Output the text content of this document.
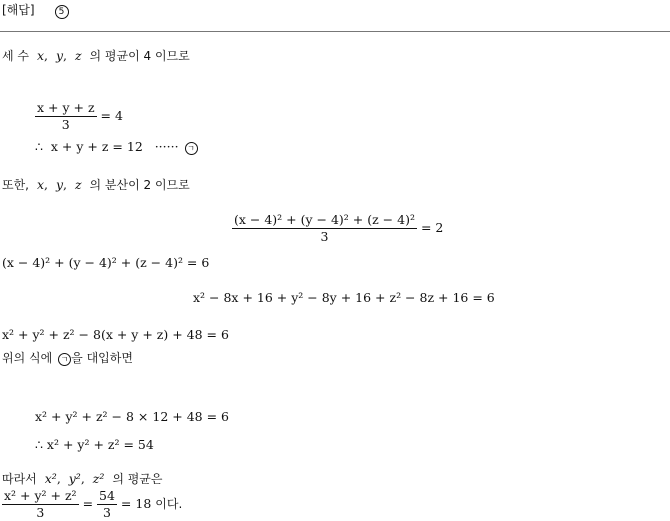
[해답]	5
세 수 x,  y,  z 의 평균이 4 이므로
$\frac{x + y + z}{3} = 4$
∴ x + y + z = 12 ······ ㄱ
또한, x,  y,  z 의 분산이 2 이므로
$\frac{\text{(x − 4)² + (y − 4)² + (z − 4)²}}{3} = 2$
(x − 4)² + (y − 4)² + (z − 4)² = 6
x² − 8x + 16 + y² − 8y + 16 + z² − 8z + 16 = 6
x² + y² + z² − 8(x + y + z) + 48 = 6
위의 식에 ㄱ 을 대입하면
x² + y² + z² − 8 × 12 + 48 = 6
∴ x² + y² + z² = 54
따라서 x²,  y²,  z² 의 평균은
$\frac{\text{x² + y² + z²}}{3} = \frac{54}{3} = 18$ 이다.
